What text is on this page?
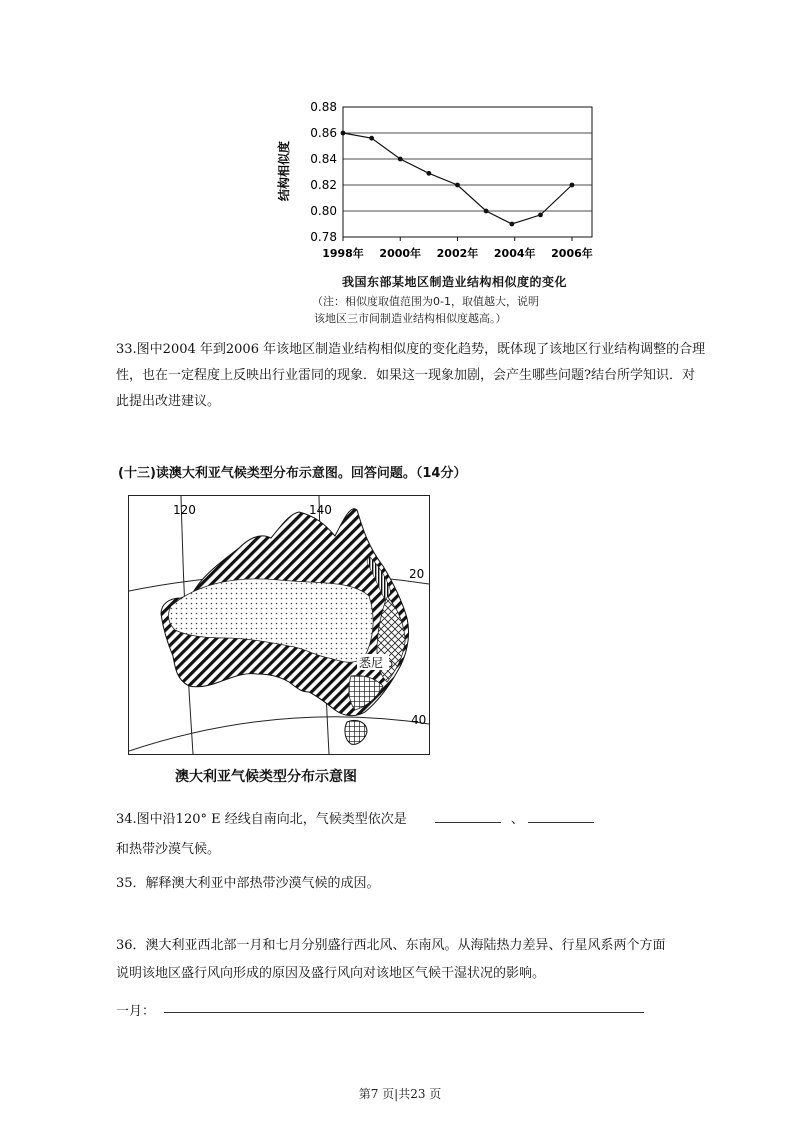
结构相似度
0.88
0.86
0.84
0.82
0.80
0.78
1998年 2000年 2002年 2004年 2006年
我国东部某地区制造业结构相似度的变化
（注：相似度取值范围为0-1，取值越大，说明
该地区三市间制造业结构相似度越高。）
33.图中2004 年到2006 年该地区制造业结构相似度的变化趋势，既体现了该地区行业结构调整的合理性，也在一定程度上反映出行业雷同的现象．如果这一现象加剧，会产生哪些问题?结台所学知识．对此提出改进建议。
(十三)读澳大利亚气候类型分布示意图。回答问题。（14分）
120	140
20
40
悉尼
澳大利亚气候类型分布示意图
34.图中沿120° E 经线自南向北，气候类型依次是	、
和热带沙漠气候。
35．解释澳大利亚中部热带沙漠气候的成因。
36．澳大利亚西北部一月和七月分别盛行西北风、东南风。从海陆热力差异、行星风系两个方面说明该地区盛行风向形成的原因及盛行风向对该地区气候干湿状况的影响。
一月：
第7 页|共23 页
